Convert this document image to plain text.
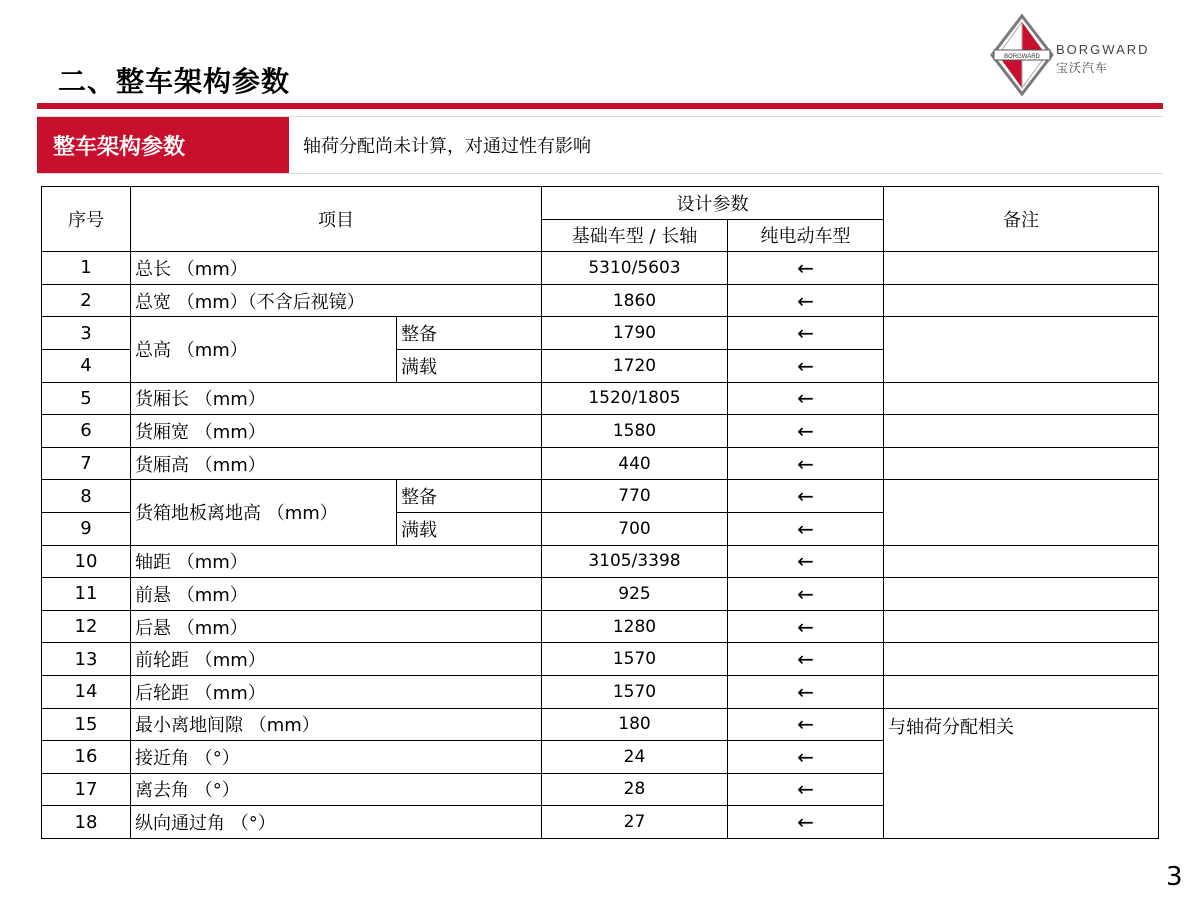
二、整车架构参数
BORGWARD BORGWARD
宝沃汽车
整车架构参数	轴荷分配尚未计算，对通过性有影响
序号	项目		设计参数		备注
			基础车型 / 长轴	纯电动车型	
1	总长 （mm）		5310/5603	←	
2	总宽 （mm）（不含后视镜）		1860	←	
3	总高 （mm）	整备	1790	←	
4		满载	1720	←	
5	货厢长 （mm）		1520/1805	←	
6	货厢宽 （mm）		1580	←	
7	货厢高 （mm）		440	←	
8	货箱地板离地高 （mm）	整备	770	←	
9		满载	700	←	
10	轴距 （mm）		3105/3398	←	
11	前悬 （mm）		925	←	
12	后悬 （mm）		1280	←	
13	前轮距 （mm）		1570	←	
14	后轮距 （mm）		1570	←	
15	最小离地间隙 （mm）		180	←	与轴荷分配相关
16	接近角 （°）		24	←	
17	离去角 （°）		28	←	
18	纵向通过角 （°）		27	←	
3
